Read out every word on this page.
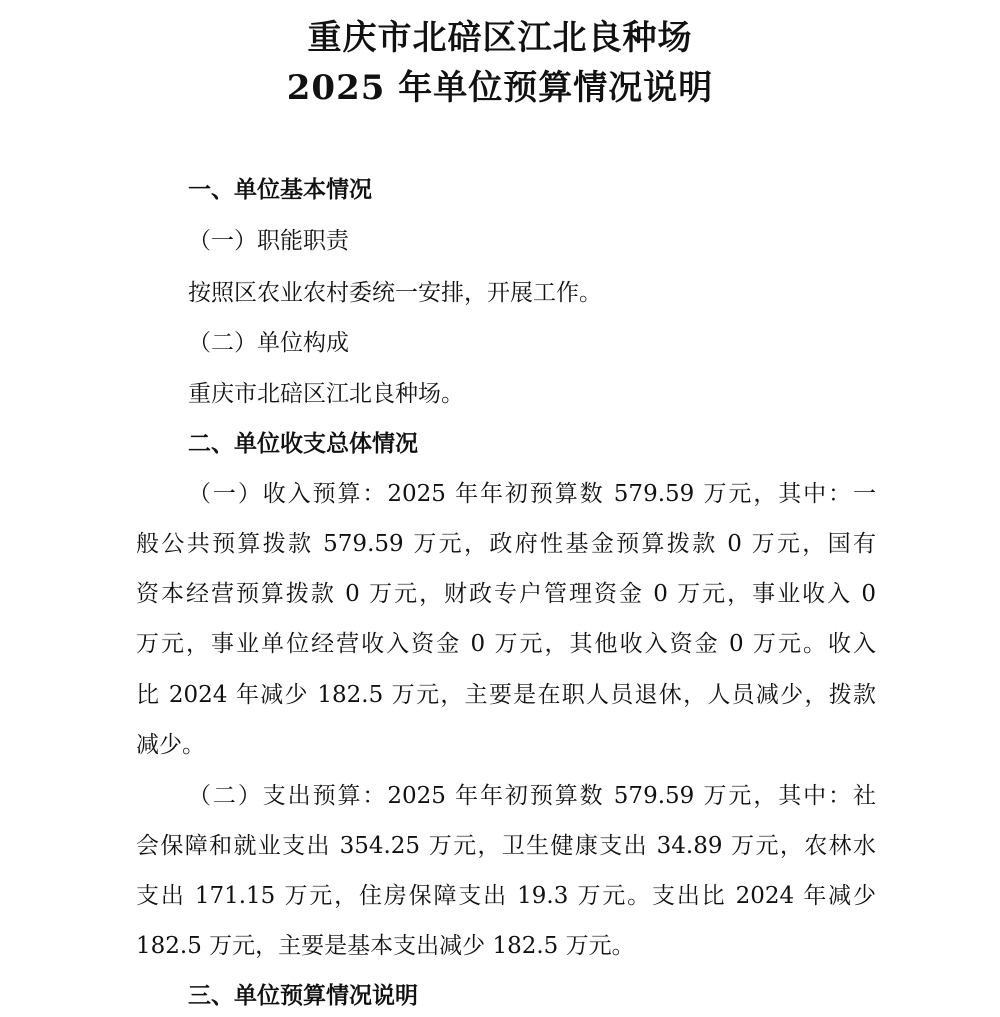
重庆市北碚区江北良种场
2025 年单位预算情况说明
一、单位基本情况
（一）职能职责
按照区农业农村委统一安排，开展工作。
（二）单位构成
重庆市北碚区江北良种场。
二、单位收支总体情况
（一）收入预算：2025 年年初预算数 579.59 万元，其中：一
般公共预算拨款 579.59 万元，政府性基金预算拨款 0 万元，国有
资本经营预算拨款 0 万元，财政专户管理资金 0 万元，事业收入 0
万元，事业单位经营收入资金 0 万元，其他收入资金 0 万元。收入
比 2024 年减少 182.5 万元，主要是在职人员退休，人员减少，拨款
减少。
（二）支出预算：2025 年年初预算数 579.59 万元，其中：社
会保障和就业支出 354.25 万元，卫生健康支出 34.89 万元，农林水
支出 171.15 万元，住房保障支出 19.3 万元。支出比 2024 年减少
182.5 万元，主要是基本支出减少 182.5 万元。
三、单位预算情况说明
